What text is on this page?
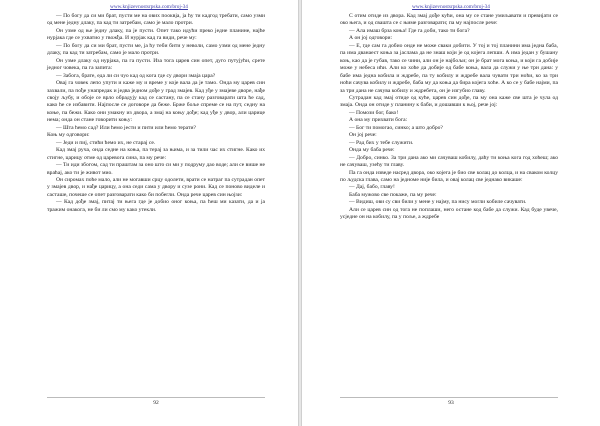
www.knjizevnostsrpska.com/broj-34

— По богу да си ми брат, пусти ме на ових пооквја, ја ћу ти кадгод требати, само узми од мене једну длаку, па кад ти затребам, само је мало протри.

Он узме од ње једну длаку, па је пусти. Опет тако идући преко једне планине, најће нурјака где се ухватио у гвожђа. И нурјак кад га види, рече му:

— По богу да си ми брат, пусти ме, ја ћу теби бити у неволи, само узми од мене једну длаку, па кад ти затребам, само је мало протри.

Он узме длаку од нурјака, па га пусти. Иза тога царев син опет, дуго путујући, срете једног човека, па га запита:

— Забога, брате, еда ли си чуо кад од кога где су двори змаја цара?

Овај га човек лепо упути и каже му и време у које вала да је тамо. Онда му царев син захвали, па пође унапредак и једва једном дође у град змајев. Кад уђе у змајеве дворе, нађе своју љубу, и обоје се врло обрадују кад се састану, па се стану разговарати шта ће сад, како ће се избавити. Најпосле се договоре да беже. Брже боље спреме се на пут, седну на коње, па бежи. Како они умакну из двора, а змај на коњу дође; кад уђе у двор, али царице нема; онда он стане говорити коњу:

— Шта ћемо сад? Или ћемо јести и пити или ћемо терати?

Коњ му одговори:

— Једи и пиј, стићи ћемо их, не старај се.

Кад змај руча, онда седне на коња, па тераj за њима, и за тили час их стигне. Како их стигне, царицу отме од царевога сина, па му рече:

— Ти иди збогом, сад ти праштам за оно што си ми у подруму дао воде; али се више не враћај, ако ти је живот мио.

Он сиромах поће мало, али не могавши срцу одолети, врати се натраг па сутрадан опет у змајев двор, и нађе царицу, а она седи сама у двору и сузе рони. Кад се поново виделе и састаше, почеше се опет разговарати како би побегли. Онда рече царев син њојзи:

— Кад дође змај, питај ти њега где је добио оног коња, па ћеш ми казати, да и ја тражим онакога, не би ли смо му како утекли.

92
www.knjizevnostsrpska.com/broj-34

С отим отиде из двора. Кад змај дође кући, она му се стане умиљавати и превијати се око њега, и од свашта се с њиме разговарати; па му најпосле рече:

— Ала имаш брза коња! Где га доби, тако ти бога?

А он јој одговори:

— Е, где сам га добио онде не може сваки добити. У тој и тој планини има једна баба, па има дванаест коња за јаслама да не знаш који је од којега лепши. А има један у бушану коњ, као да је губав, тако се чини, али он је најбољи; он је брат мога коња, и који га добије може у небеса ићи. Али ко хоће да добије од бабе коња, вала да служи у ње три дана: у бабе има једна кобила и ждребе, па ту кобилу и ждребе вала чувати три ноћи, ко за три ноћи сачува кобилу и ждребе, баба му да коња да бира којега хоће. А ко се у бабе најми, па за три дана не сачува кобилу и ждребета, он је изгубио главу.

Сутрадан кад змај отиде од куће, царев син дође, па му она каже све шта је чула од змаја. Онда он отиде у планину к баби, и дошавши к њој, рече јој:

— Помози бог, бако!

А она му прихвати бога:

— Бог ти помогао, синко; а што добро?

Он јој рече:

— Рад бих у тебе служити.

Онда му баба рече:

— Добро, синко. За три дана ако ми сачуваш кобилу, даћу ти коња кога год хоћеш; ако не сачуваш, узећу ти главу.

Па га онда изведе насред двора, око којега је био све колац до колца, и на сваком колцу по људска глава, само на једноме није била, и овај колац све једнако викаше:

— Дај, бабо, главу!

Баба мужово све покаже, па му рече:

— Видиш, ови су сви били у мене у најму, па нису могли кобиле сачувати.

Али се царев син од тога не поплаши, него остане код бабе да служи. Кад буде увече, усједне он на кобилу, па у поље, а ждребе

93
